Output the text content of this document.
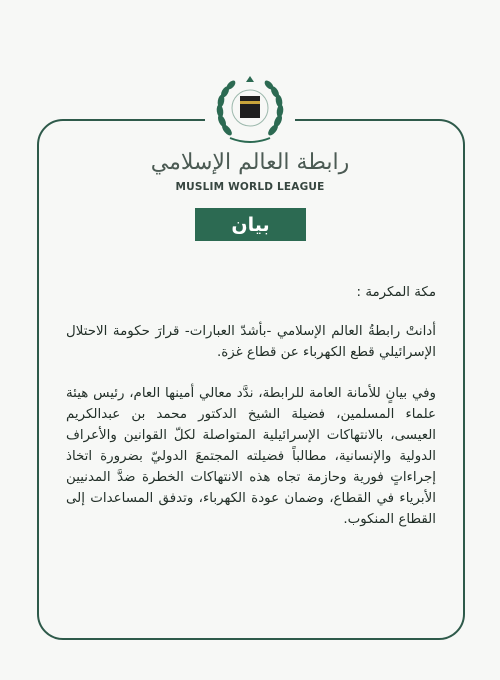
رابطة العالم الإسلامي
MUSLIM WORLD LEAGUE
بيان

مكة المكرمة :

أدانتْ رابطةُ العالم الإسلامي -بأشدّ العبارات- قرارَ حكومة الاحتلال الإسرائيلي قطع الكهرباء عن قطاع غزة.

وفي بيانٍ للأمانة العامة للرابطة، ندَّد معالي أمينها العام، رئيس هيئة علماء المسلمين، فضيلة الشيخ الدكتور محمد بن عبدالكريم العيسى، بالانتهاكات الإسرائيلية المتواصلة لكلّ القوانين والأعراف الدولية والإنسانية، مطالباً فضيلته المجتمعَ الدوليّ بضرورة اتخاذ إجراءاتٍ فورية وحازمة تجاه هذه الانتهاكات الخطرة ضدَّ المدنيين الأبرياء في القطاع، وضمان عودة الكهرباء، وتدفق المساعدات إلى القطاع المنكوب.
